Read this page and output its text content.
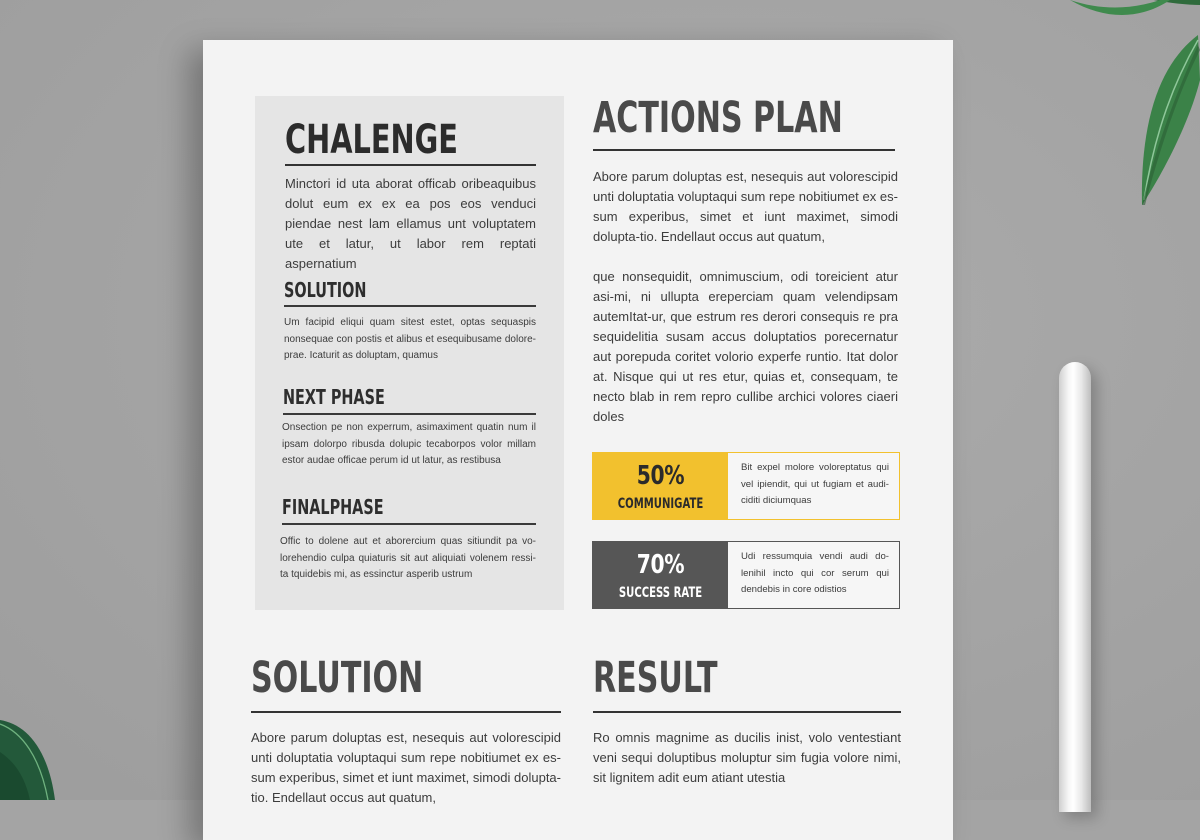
CHALENGE

Minctori id uta aborat officab oribeaquibus dolut eum ex ex ea pos eos venduci piendae nest lam ellamus unt voluptatem ute et latur, ut labor rem reptati aspernatium

SOLUTION

Um facipid eliqui quam sitest estet, optas sequaspis nonsequae con postis et alibus et esequibusame dolore-prae. Icaturit as doluptam, quamus

NEXT PHASE

Onsection pe non experrum, asimaximent quatin num il ipsam dolorpo ribusda dolupic tecaborpos volor millam estor audae officae perum id ut latur, as restibusa

FINALPHASE

Offic to dolene aut et aborercium quas sitiundit pa vo-lorehendio culpa quiaturis sit aut aliquiati volenem ressi-ta tquidebis mi, as essinctur asperib ustrum

ACTIONS PLAN

Abore parum doluptas est, nesequis aut volorescipid unti doluptatia voluptaqui sum repe nobitiumet ex es-sum experibus, simet et iunt maximet, simodi dolupta-tio. Endellaut occus aut quatum,

que nonsequidit, omnimuscium, odi toreicient atur asi-mi, ni ullupta ereperciam quam velendipsam autemItat-ur, que estrum res derori consequis re pra sequidelitia susam accus doluptatios porecernatur aut porepuda coritet volorio experfe runtio. Itat dolor at. Nisque qui ut res etur, quias et, consequam, te necto blab in rem repro cullibe archici volores ciaeri doles

50%
COMMUNIGATE

Bit expel molore voloreptatus qui vel ipiendit, qui ut fugiam et audi-ciditi diciumquas

70%
SUCCESS RATE

Udi ressumquia vendi audi do-lenihil incto qui cor serum qui dendebis in core odistios

SOLUTION

Abore parum doluptas est, nesequis aut volorescipid unti doluptatia voluptaqui sum repe nobitiumet ex es-sum experibus, simet et iunt maximet, simodi dolupta-tio. Endellaut occus aut quatum,

RESULT

Ro omnis magnime as ducilis inist, volo ventestiant veni sequi doluptibus moluptur sim fugia volore nimi, sit lignitem adit eum atiant utestia
